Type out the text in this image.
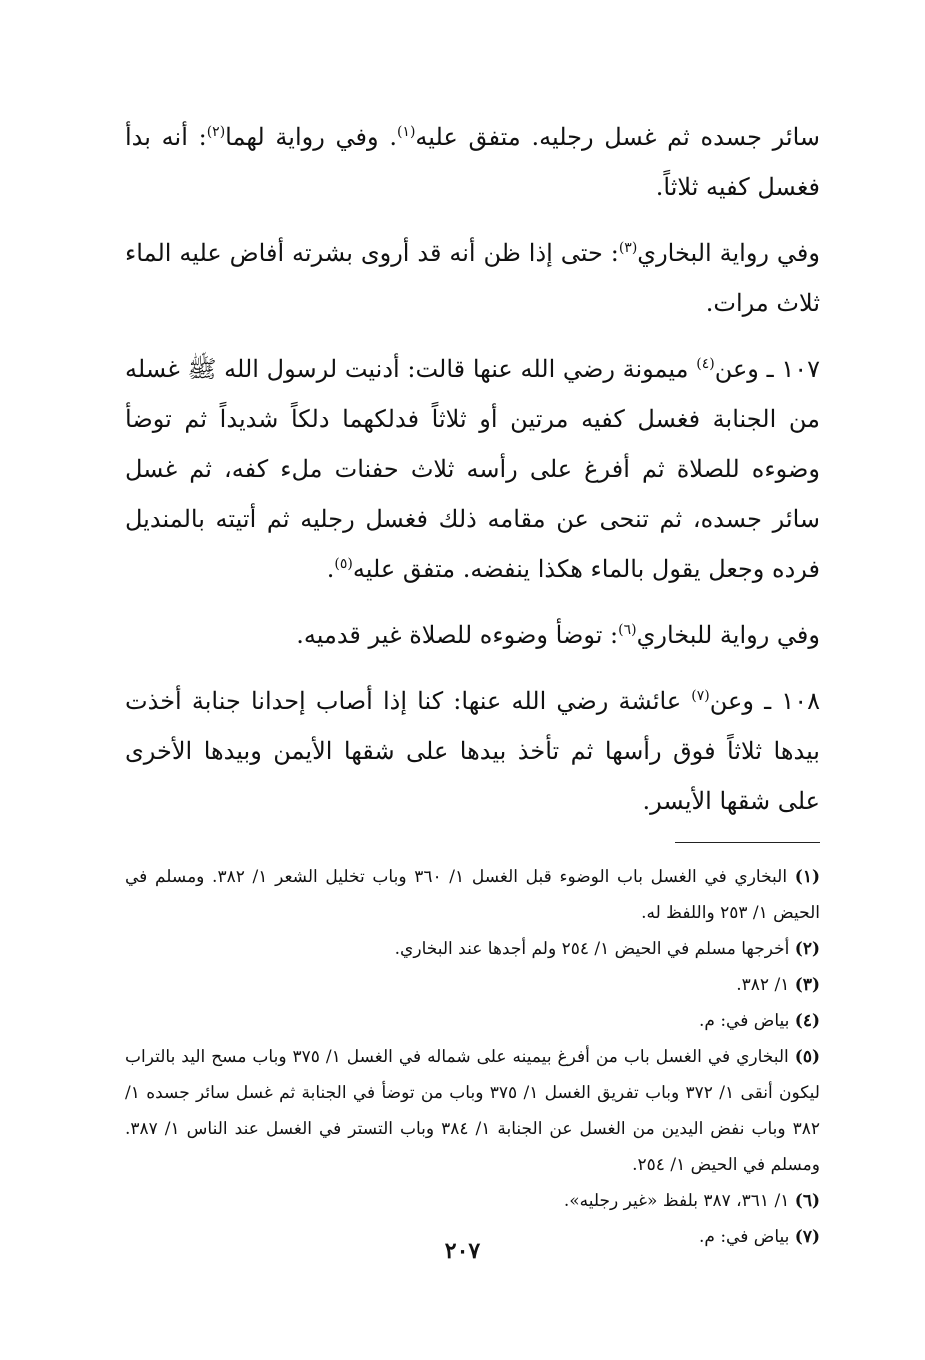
سائر جسده ثم غسل رجليه. متفق عليه$^{(١)}$. وفي رواية لهما$^{(٢)}$: أنه بدأ فغسل كفيه ثلاثاً.

وفي رواية البخاري$^{(٣)}$: حتى إذا ظن أنه قد أروى بشرته أفاض عليه الماء ثلاث مرات.

١٠٧ ـ وعن$^{(٤)}$ ميمونة رضي الله عنها قالت: أدنيت لرسول الله ﷺ غسله من الجنابة فغسل كفيه مرتين أو ثلاثاً فدلكهما دلكاً شديداً ثم توضأ وضوءه للصلاة ثم أفرغ على رأسه ثلاث حفنات ملء كفه، ثم غسل سائر جسده، ثم تنحى عن مقامه ذلك فغسل رجليه ثم أتيته بالمنديل فرده وجعل يقول بالماء هكذا ينفضه. متفق عليه$^{(٥)}$.

وفي رواية للبخاري$^{(٦)}$: توضأ وضوءه للصلاة غير قدميه.

١٠٨ ـ وعن$^{(٧)}$ عائشة رضي الله عنها: كنا إذا أصاب إحدانا جنابة أخذت بيدها ثلاثاً فوق رأسها ثم تأخذ بيدها على شقها الأيمن وبيدها الأخرى على شقها الأيسر.

(١) البخاري في الغسل باب الوضوء قبل الغسل ١/ ٣٦٠ وباب تخليل الشعر ١/ ٣٨٢. ومسلم في الحيض ١/ ٢٥٣ واللفظ له.

(٢) أخرجها مسلم في الحيض ١/ ٢٥٤ ولم أجدها عند البخاري.

(٣) ١/ ٣٨٢.

(٤) بياض في: م.

(٥) البخاري في الغسل باب من أفرغ بيمينه على شماله في الغسل ١/ ٣٧٥ وباب مسح اليد بالتراب ليكون أنقى ١/ ٣٧٢ وباب تفريق الغسل ١/ ٣٧٥ وباب من توضأ في الجنابة ثم غسل سائر جسده ١/ ٣٨٢ وباب نفض اليدين من الغسل عن الجنابة ١/ ٣٨٤ وباب التستر في الغسل عند الناس ١/ ٣٨٧. ومسلم في الحيض ١/ ٢٥٤.

(٦) ١/ ٣٦١، ٣٨٧ بلفظ «غير رجليه».

(٧) بياض في: م.

٢٠٧
